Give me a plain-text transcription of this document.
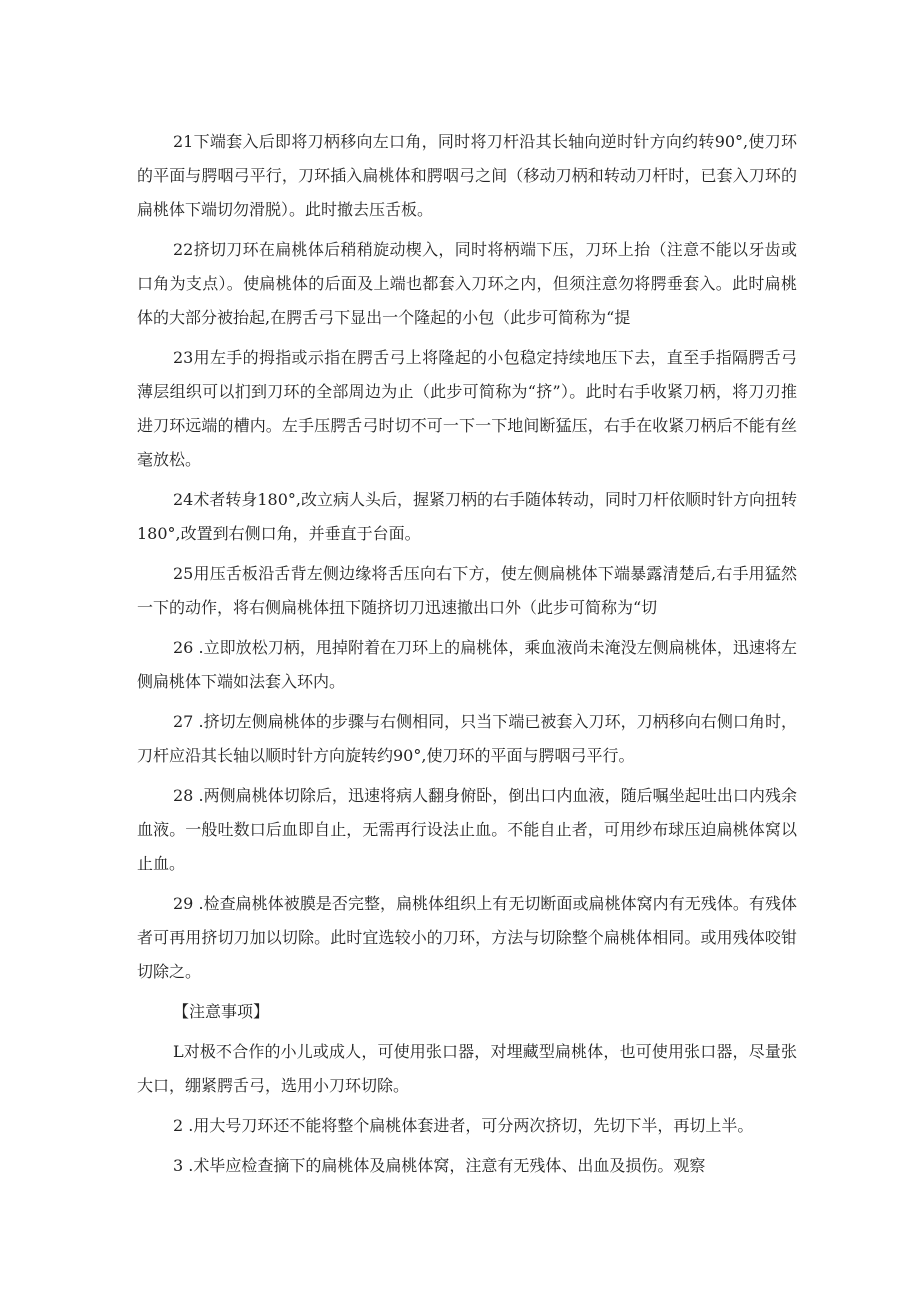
21下端套入后即将刀柄移向左口角，同时将刀杆沿其长轴向逆时针方向约转90°,使刀环的平面与腭咽弓平行，刀环插入扁桃体和腭咽弓之间（移动刀柄和转动刀杆时，已套入刀环的扁桃体下端切勿滑脱）。此时撤去压舌板。

22挤切刀环在扁桃体后稍稍旋动楔入，同时将柄端下压，刀环上抬（注意不能以牙齿或口角为支点）。使扁桃体的后面及上端也都套入刀环之内，但须注意勿将腭垂套入。此时扁桃体的大部分被抬起,在腭舌弓下显出一个隆起的小包（此步可简称为“提

23用左手的拇指或示指在腭舌弓上将隆起的小包稳定持续地压下去，直至手指隔腭舌弓薄层组织可以扪到刀环的全部周边为止（此步可简称为“挤”）。此时右手收紧刀柄，将刀刃推进刀环远端的槽内。左手压腭舌弓时切不可一下一下地间断猛压，右手在收紧刀柄后不能有丝毫放松。

24术者转身180°,改立病人头后，握紧刀柄的右手随体转动，同时刀杆依顺时针方向扭转180°,改置到右侧口角，并垂直于台面。

25用压舌板沿舌背左侧边缘将舌压向右下方，使左侧扁桃体下端暴露清楚后,右手用猛然一下的动作，将右侧扁桃体扭下随挤切刀迅速撤出口外（此步可简称为“切

26 .立即放松刀柄，甩掉附着在刀环上的扁桃体，乘血液尚未淹没左侧扁桃体，迅速将左侧扁桃体下端如法套入环内。

27 .挤切左侧扁桃体的步骤与右侧相同，只当下端已被套入刀环，刀柄移向右侧口角时，刀杆应沿其长轴以顺时针方向旋转约90°,使刀环的平面与腭咽弓平行。

28 .两侧扁桃体切除后，迅速将病人翻身俯卧，倒出口内血液，随后嘱坐起吐出口内残余血液。一般吐数口后血即自止，无需再行设法止血。不能自止者，可用纱布球压迫扁桃体窝以止血。

29 .检查扁桃体被膜是否完整，扁桃体组织上有无切断面或扁桃体窝内有无残体。有残体者可再用挤切刀加以切除。此时宜选较小的刀环，方法与切除整个扁桃体相同。或用残体咬钳切除之。

【注意事项】

L对极不合作的小儿或成人，可使用张口器，对埋藏型扁桃体，也可使用张口器，尽量张大口，绷紧腭舌弓，选用小刀环切除。

2 .用大号刀环还不能将整个扁桃体套进者，可分两次挤切，先切下半，再切上半。

3 .术毕应检查摘下的扁桃体及扁桃体窝，注意有无残体、出血及损伤。观察
